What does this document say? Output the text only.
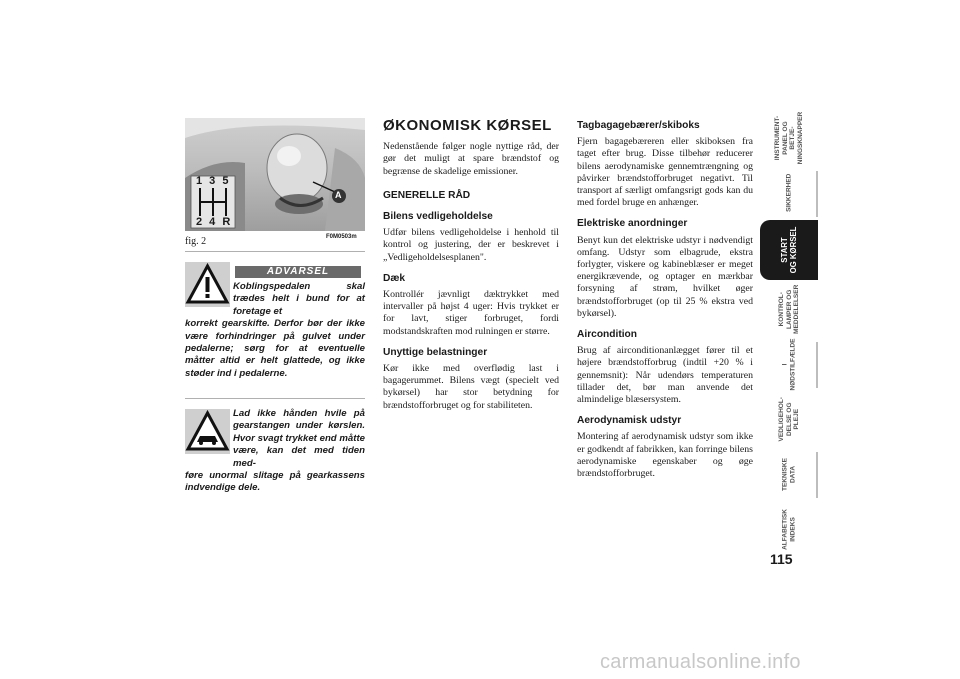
1 3 5
2 4 R
A
fig. 2	F0M0503m
ADVARSEL

Koblingspedalen skal trædes helt i bund for at foretage et

korrekt gearskifte. Derfor bør der ikke være forhindringer på gulvet under pedalerne; sørg for at eventuelle måtter altid er helt glattede, og ikke støder ind i pedalerne.

Lad ikke hånden hvile på gearstangen under kørslen. Hvor svagt trykket end måtte være, kan det med tiden med-

føre unormal slitage på gearkassens indvendige dele.

ØKONOMISK KØRSEL

Nedenstående følger nogle nyttige råd, der gør det muligt at spare brændstof og begrænse de skadelige emissioner.

GENERELLE RÅD
Bilens vedligeholdelse

Udfør bilens vedligeholdelse i henhold til kontrol og justering, der er beskrevet i „Vedligeholdelsesplanen".

Dæk

Kontrollér jævnligt dæktrykket med intervaller på højst 4 uger: Hvis trykket er for lavt, stiger forbruget, fordi modstandskraften mod rulningen er større.

Unyttige belastninger

Kør ikke med overflødig last i bagagerummet. Bilens vægt (specielt ved bykørsel) har stor betydning for brændstofforbruget og for stabiliteten.

Tagbagagebærer/skiboks

Fjern bagagebæreren eller skiboksen fra taget efter brug. Disse tilbehør reducerer bilens aerodynamiske gennemtrængning og påvirker brændstofforbruget negativt. Til transport af særligt omfangsrigt gods kan du med fordel bruge en anhænger.

Elektriske anordninger

Benyt kun det elektriske udstyr i nødvendigt omfang. Udstyr som elbagrude, ekstra forlygter, viskere og kabineblæser er meget energikrævende, og optager en mærkbar forsyning af strøm, hvilket øger brændstofforbruget (op til 25 % ekstra ved bykørsel).

Aircondition

Brug af airconditionanlægget fører til et højere brændstofforbrug (indtil +20 % i gennemsnit): Når udendørs temperaturen tillader det, bør man anvende det almindelige blæsersystem.

Aerodynamisk udstyr

Montering af aerodynamisk udstyr som ikke er godkendt af fabrikken, kan forringe bilens aerodynamiske egenskaber og øge brændstofforbruget.

INSTRUMENT-
PANEL OG BETJE-
NINGSKNAPPER
SIKKERHED
START
OG KØRSEL
KONTROL-
LAMPER OG
MEDDELELSER
I
NØDSTILFÆLDE
VEDLIGEHOL-
DELSE OG
PLEJE
TEKNISKE
DATA
ALFABETISK
INDEKS
115
carmanualsonline.info
